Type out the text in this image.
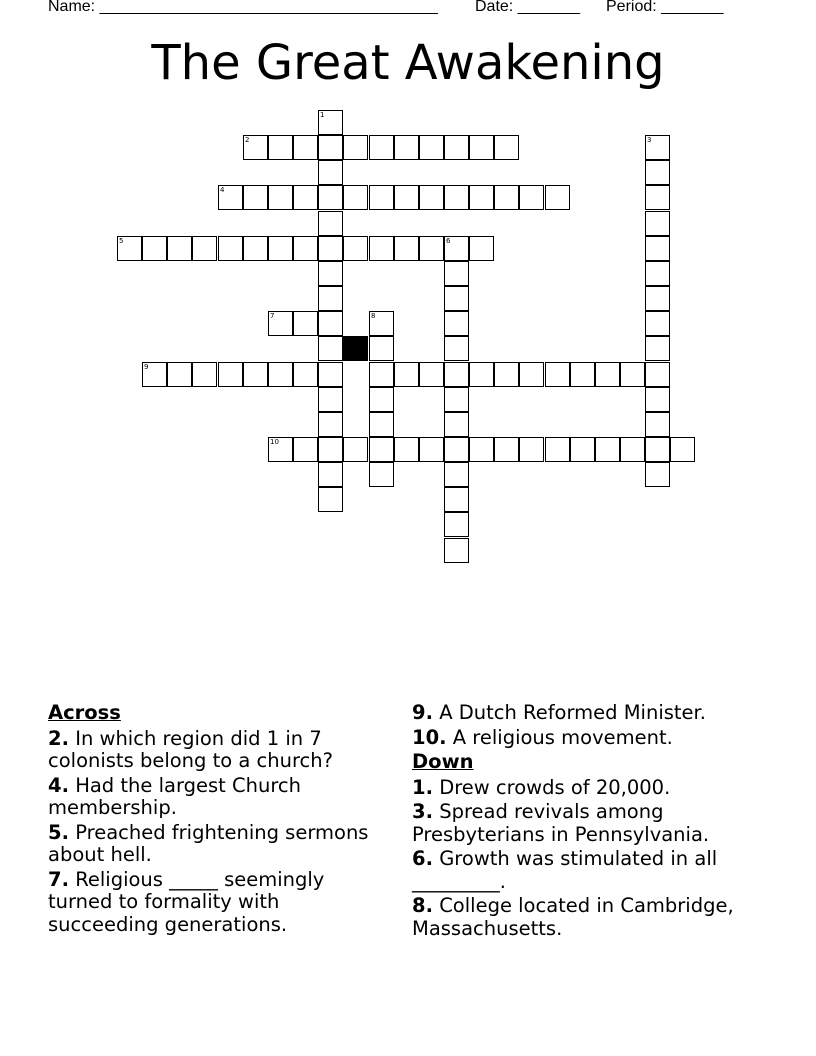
Name: ______________________________________ Date: _______ Period: _______
The Great Awakening
1
2	3
4
5	6
7	8
9
10
Across
2. In which region did 1 in 7 colonists belong to a church?
4. Had the largest Church membership.
5. Preached frightening sermons about hell.
7. Religious _____ seemingly turned to formality with succeeding generations.
9. A Dutch Reformed Minister.
10. A religious movement.
Down
1. Drew crowds of 20,000.
3. Spread revivals among Presbyterians in Pennsylvania.
6. Growth was stimulated in all _________.
8. College located in Cambridge, Massachusetts.
